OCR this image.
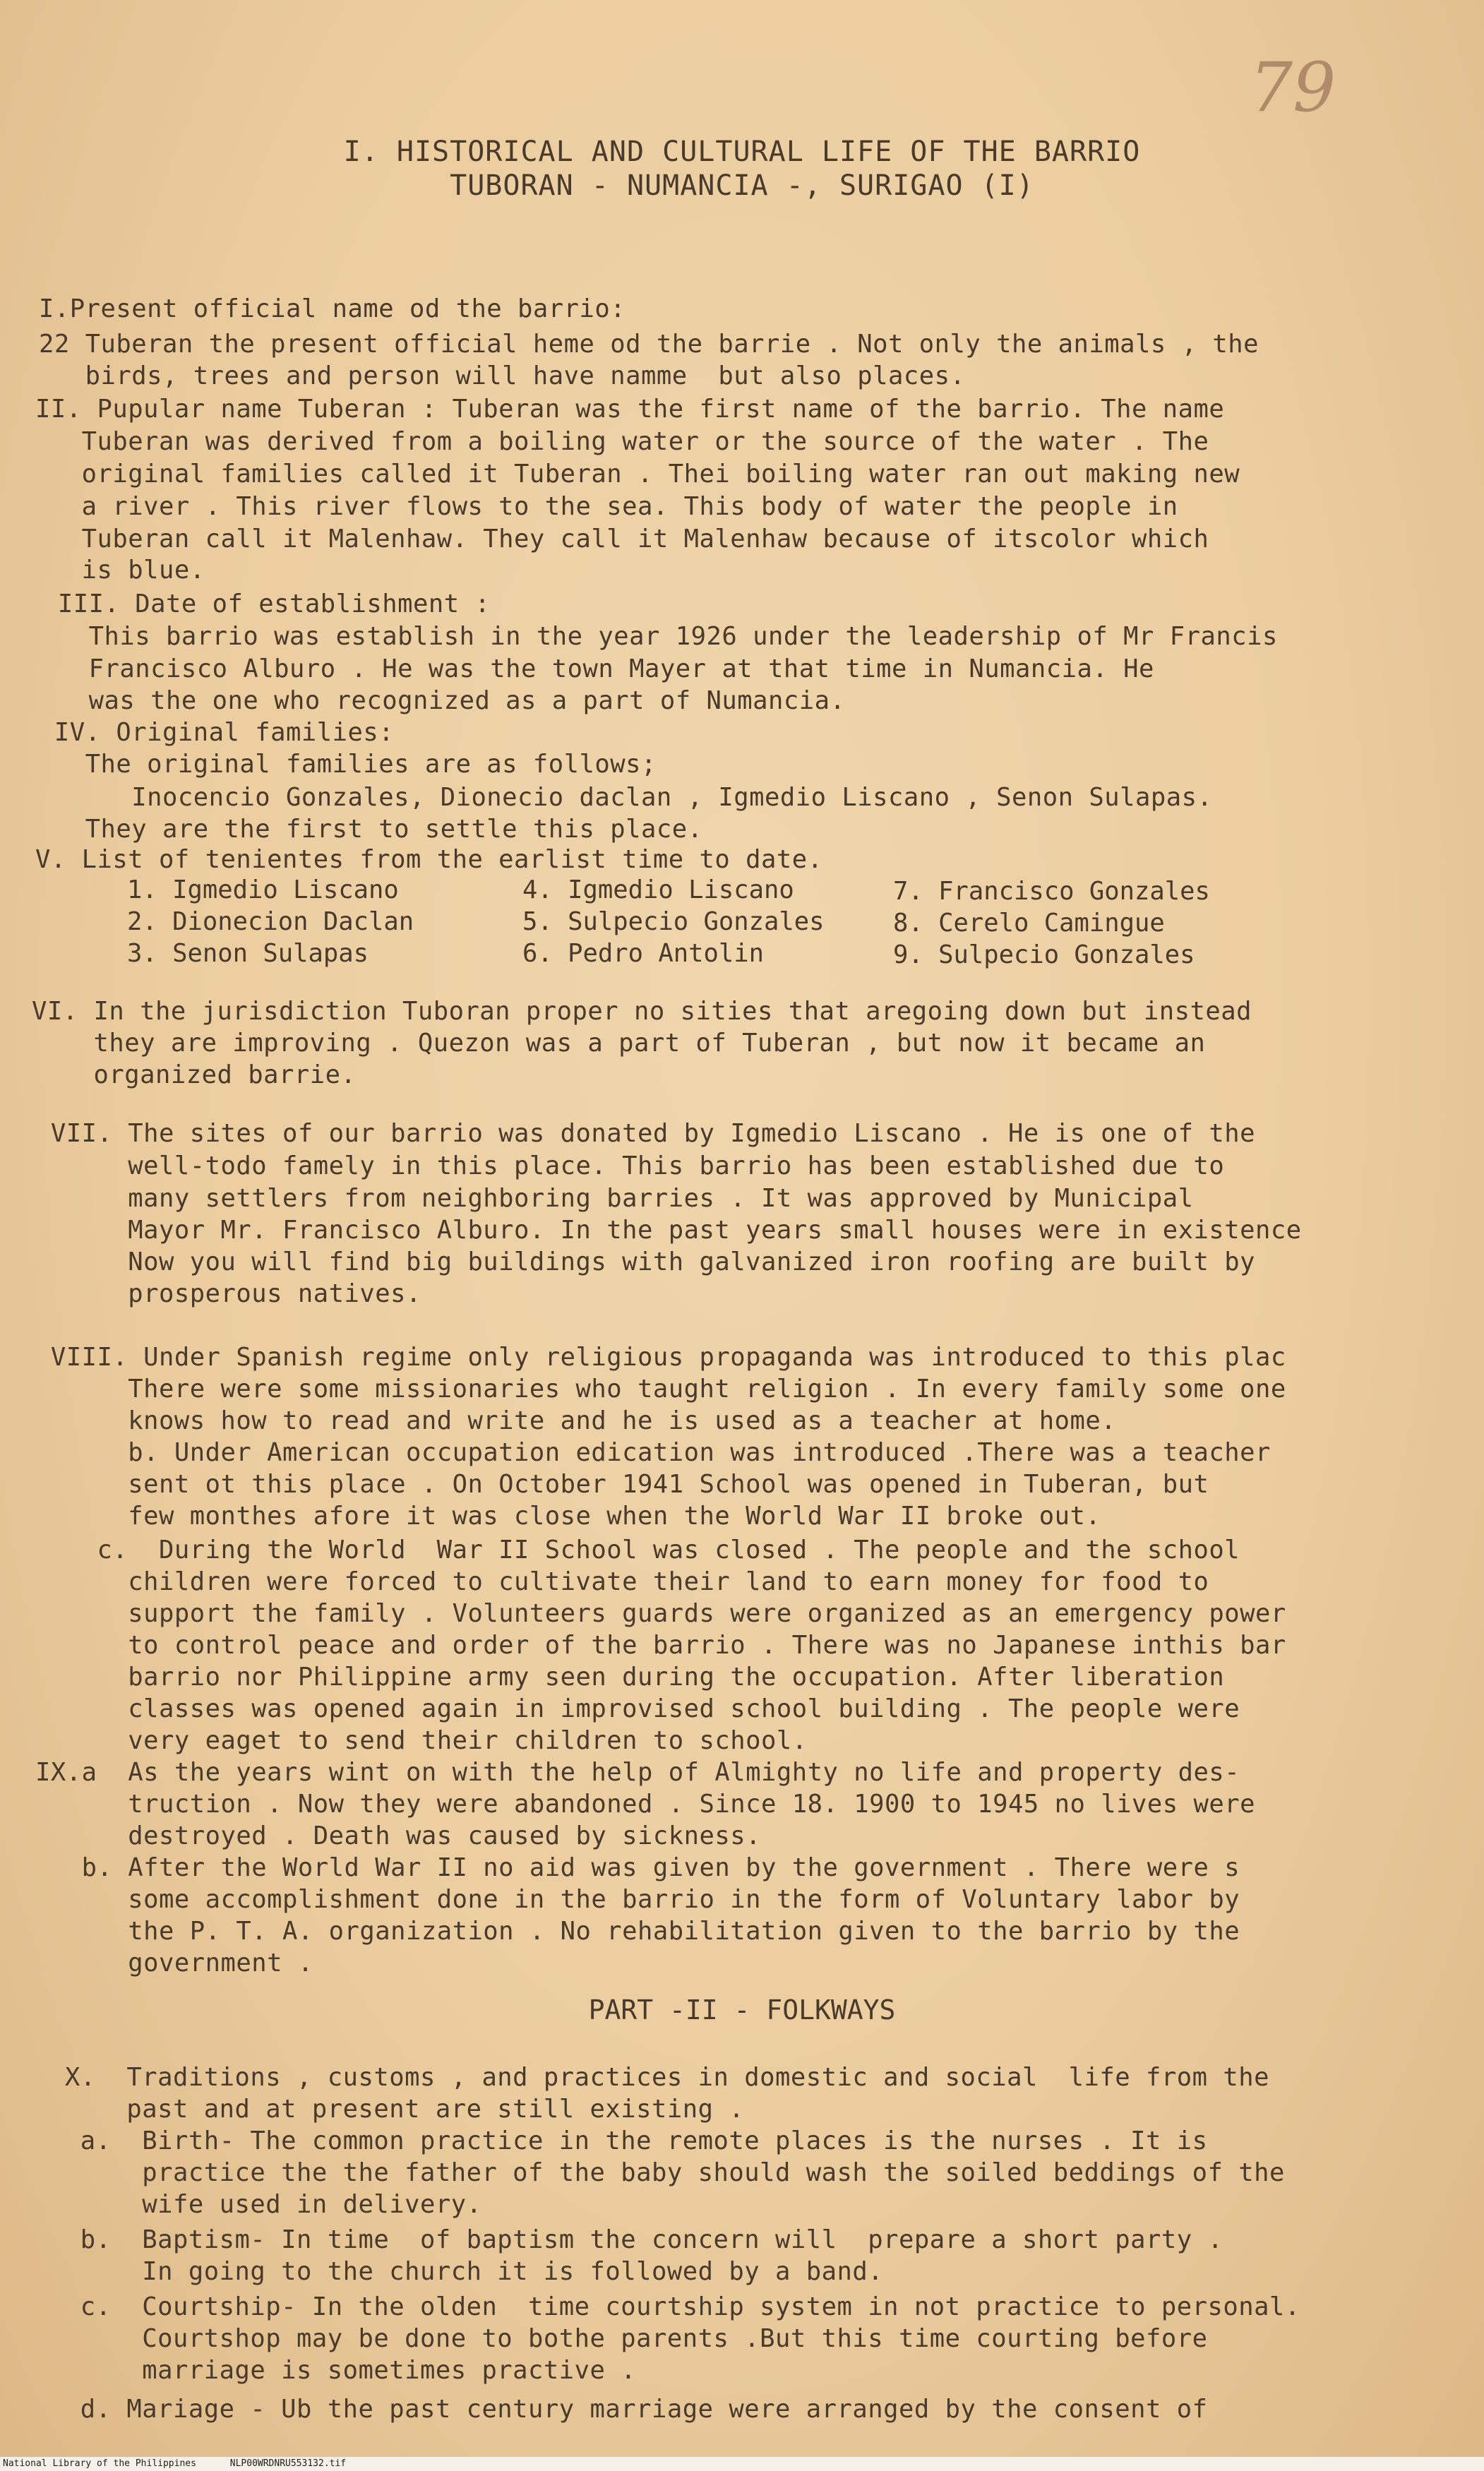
79
I. HISTORICAL AND CULTURAL LIFE OF THE BARRIO
TUBORAN - NUMANCIA -, SURIGAO (I)
I.Present official name od the barrio:
22 Tuberan the present official heme od the barrie . Not only the animals , the
birds, trees and person will have namme  but also places.
II. Pupular name Tuberan : Tuberan was the first name of the barrio. The name
Tuberan was derived from a boiling water or the source of the water . The
original families called it Tuberan . Thei boiling water ran out making new
a river . This river flows to the sea. This body of water the people in
Tuberan call it Malenhaw. They call it Malenhaw because of itscolor which
is blue.
III. Date of establishment :
This barrio was establish in the year 1926 under the leadership of Mr Francis
Francisco Alburo . He was the town Mayer at that time in Numancia. He
was the one who recognized as a part of Numancia.
IV. Original families:
The original families are as follows;
Inocencio Gonzales, Dionecio daclan , Igmedio Liscano , Senon Sulapas.
They are the first to settle this place.
V. List of tenientes from the earlist time to date.
1. Igmedio Liscano
2. Dionecion Daclan
3. Senon Sulapas
4. Igmedio Liscano
5. Sulpecio Gonzales
6. Pedro Antolin
7. Francisco Gonzales
8. Cerelo Camingue
9. Sulpecio Gonzales
VI. In the jurisdiction Tuboran proper no sities that aregoing down but instead
they are improving . Quezon was a part of Tuberan , but now it became an
organized barrie.
VII. The sites of our barrio was donated by Igmedio Liscano . He is one of the
well-todo famely in this place. This barrio has been established due to
many settlers from neighboring barries . It was approved by Municipal
Mayor Mr. Francisco Alburo. In the past years small houses were in existence
Now you will find big buildings with galvanized iron roofing are built by
prosperous natives.
VIII. Under Spanish regime only religious propaganda was introduced to this plac
There were some missionaries who taught religion . In every family some one
knows how to read and write and he is used as a teacher at home.
b. Under American occupation edication was introduced .There was a teacher
sent ot this place . On October 1941 School was opened in Tuberan, but
few monthes afore it was close when the World War II broke out.
c.  During the World  War II School was closed . The people and the school
children were forced to cultivate their land to earn money for food to
support the family . Volunteers guards were organized as an emergency power
to control peace and order of the barrio . There was no Japanese inthis bar
barrio nor Philippine army seen during the occupation. After liberation
classes was opened again in improvised school building . The people were
very eaget to send their children to school.
IX.a  As the years wint on with the help of Almighty no life and property des-
truction . Now they were abandoned . Since 18. 1900 to 1945 no lives were
destroyed . Death was caused by sickness.
b. After the World War II no aid was given by the government . There were s
some accomplishment done in the barrio in the form of Voluntary labor by
the P. T. A. organization . No rehabilitation given to the barrio by the
government .
PART -II - FOLKWAYS
X.  Traditions , customs , and practices in domestic and social  life from the
past and at present are still existing .
a.  Birth- The common practice in the remote places is the nurses . It is
practice the the father of the baby should wash the soiled beddings of the
wife used in delivery.
b.  Baptism- In time  of baptism the concern will  prepare a short party .
In going to the church it is followed by a band.
c.  Courtship- In the olden  time courtship system in not practice to personal.
Courtshop may be done to bothe parents .But this time courting before
marriage is sometimes practive .
d. Mariage - Ub the past century marriage were arranged by the consent of
National Library of the Philippines	NLP00WRDNRU553132.tif
